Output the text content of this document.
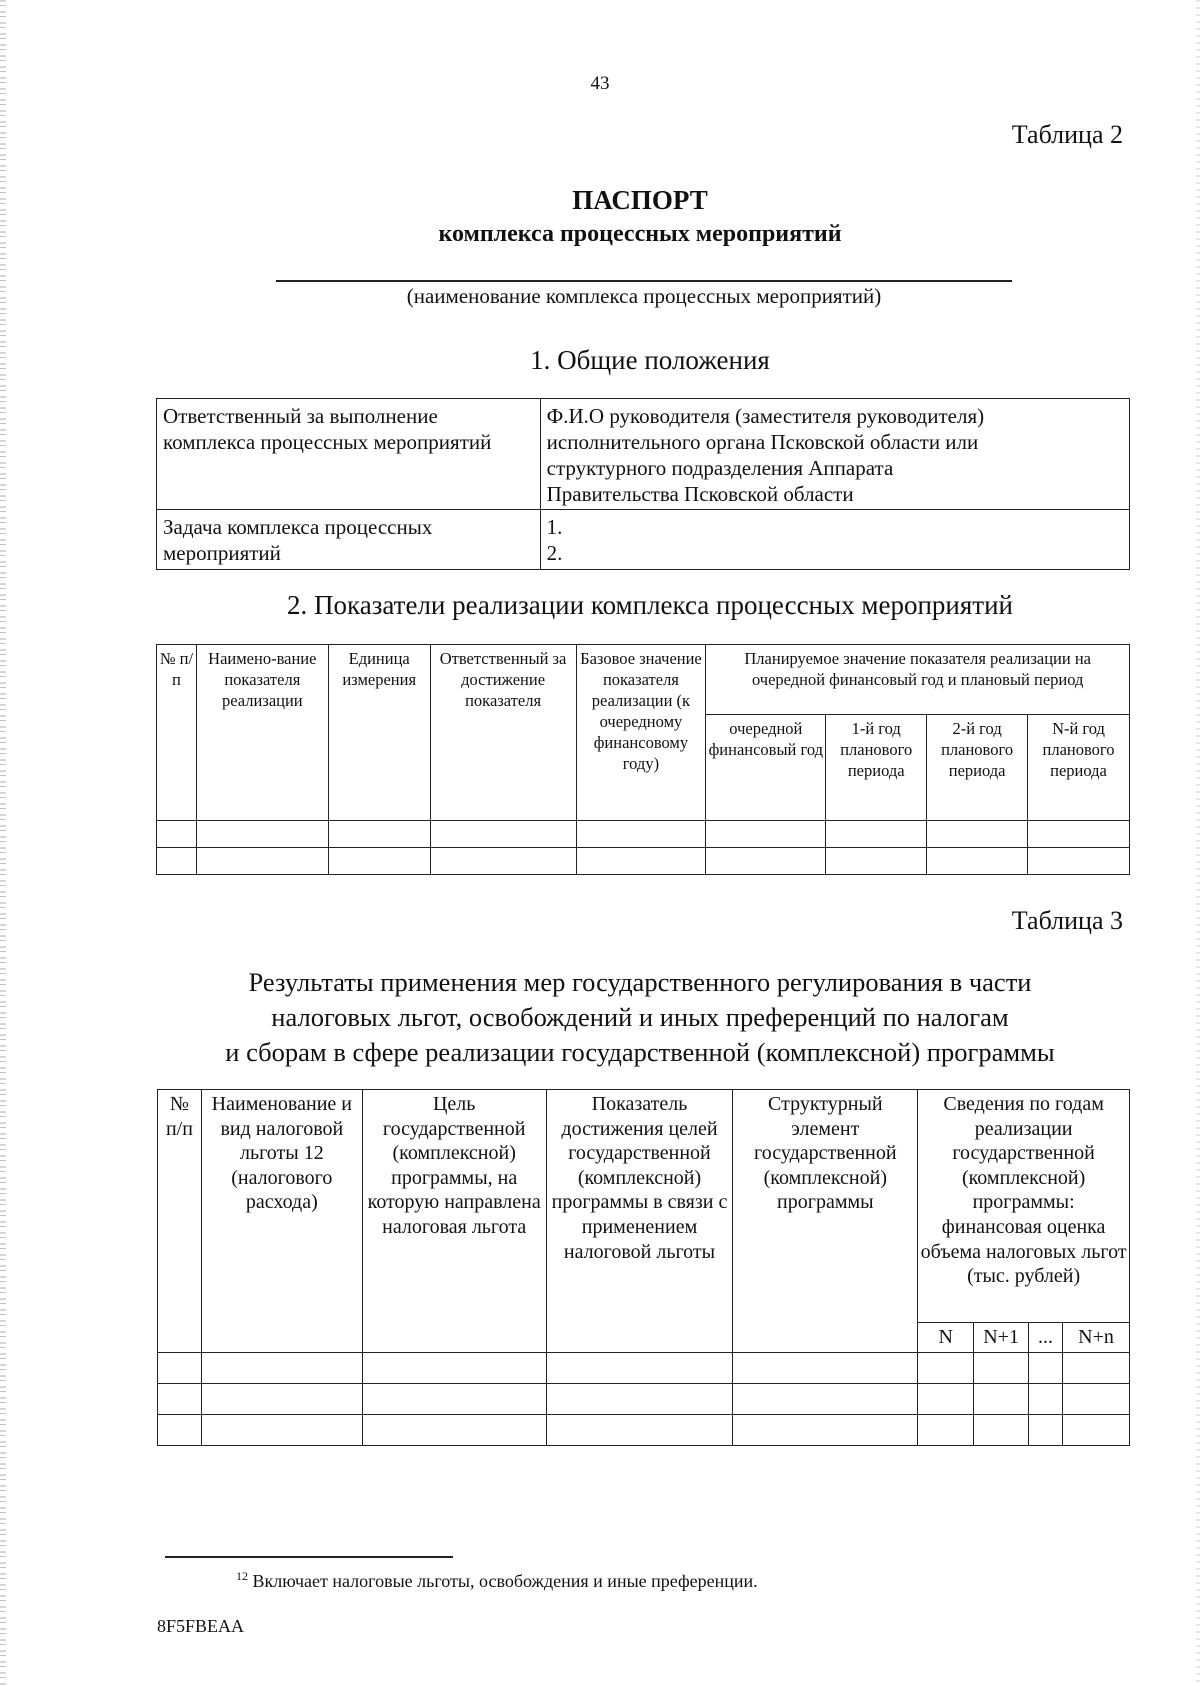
43
Таблица 2
ПАСПОРТ
комплекса процессных мероприятий
(наименование комплекса процессных мероприятий)
1. Общие положения
Ответственный за выполнение комплекса процессных мероприятий	Ф.И.О руководителя (заместителя руководителя)
исполнительного органа Псковской области или
структурного подразделения Аппарата
Правительства Псковской области

Задача комплекса процессных мероприятий	1.
2.
2. Показатели реализации комплекса процессных мероприятий
№ п/п	Наимено-вание показателя реализации	Единица измерения	Ответственный за достижение показателя	Базовое значение показателя реализации (к очередному финансовому году)	Планируемое значение показателя реализации на очередной финансовый год и плановый период			
					очередной финансовый год	1-й год планового периода	2-й год планового периода	N-й год планового периода

Таблица 3
Результаты применения мер государственного регулирования в части
налоговых льгот, освобождений и иных преференций по налогам
и сборам в сфере реализации государственной (комплексной) программы
№ п/п	Наименование и вид налоговой льготы 12 (налогового расхода)	Цель государственной (комплексной) программы, на которую направлена налоговая льгота	Показатель достижения целей государственной (комплексной) программы в связи с применением налоговой льготы	Структурный элемент государственной (комплексной) программы	Сведения по годам реализации государственной (комплексной) программы: финансовая оценка объема налоговых льгот (тыс. рублей)			
					N	N+1	...	N+n

$^{12}$ Включает налоговые льготы, освобождения и иные преференции.
8F5FBEAA
